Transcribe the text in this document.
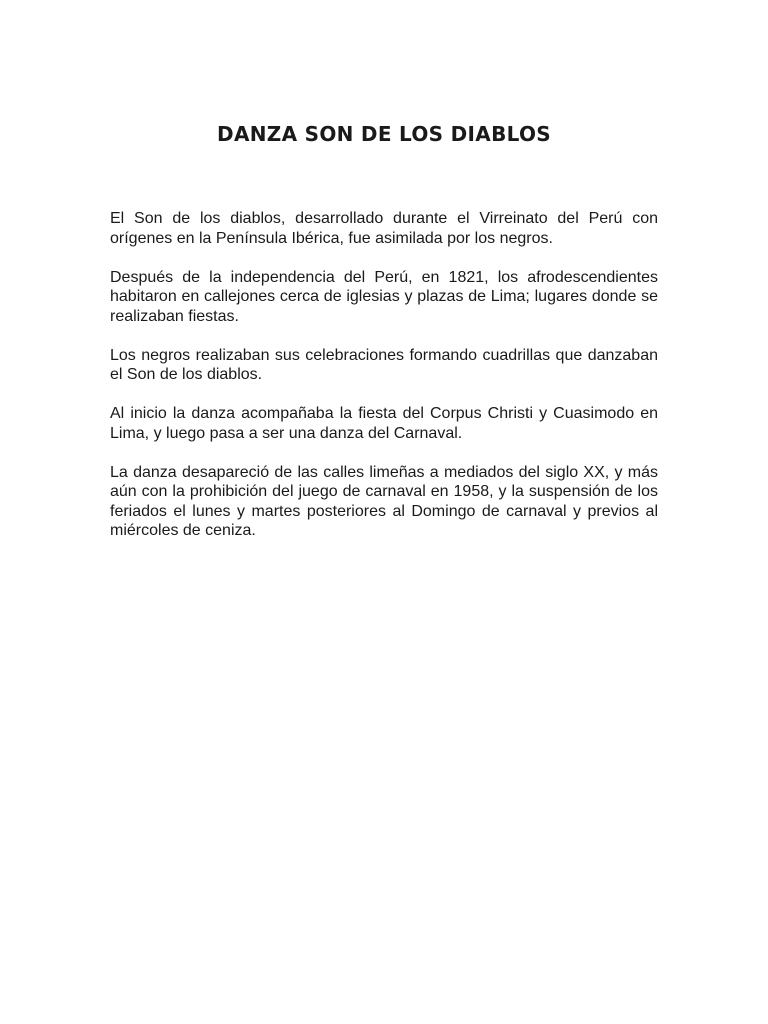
DANZA SON DE LOS DIABLOS

El Son de los diablos, desarrollado durante el Virreinato del Perú con orígenes en la Península Ibérica, fue asimilada por los negros.

Después de la independencia del Perú, en 1821, los afrodescendientes habitaron en callejones cerca de iglesias y plazas de Lima; lugares donde se realizaban fiestas.

Los negros realizaban sus celebraciones formando cuadrillas que danzaban el Son de los diablos.

Al inicio la danza acompañaba la fiesta del Corpus Christi y Cuasimodo en Lima, y luego pasa a ser una danza del Carnaval.

La danza desapareció de las calles limeñas a mediados del siglo XX, y más aún con la prohibición del juego de carnaval en 1958, y la suspensión de los feriados el lunes y martes posteriores al Domingo de carnaval y previos al miércoles de ceniza.
